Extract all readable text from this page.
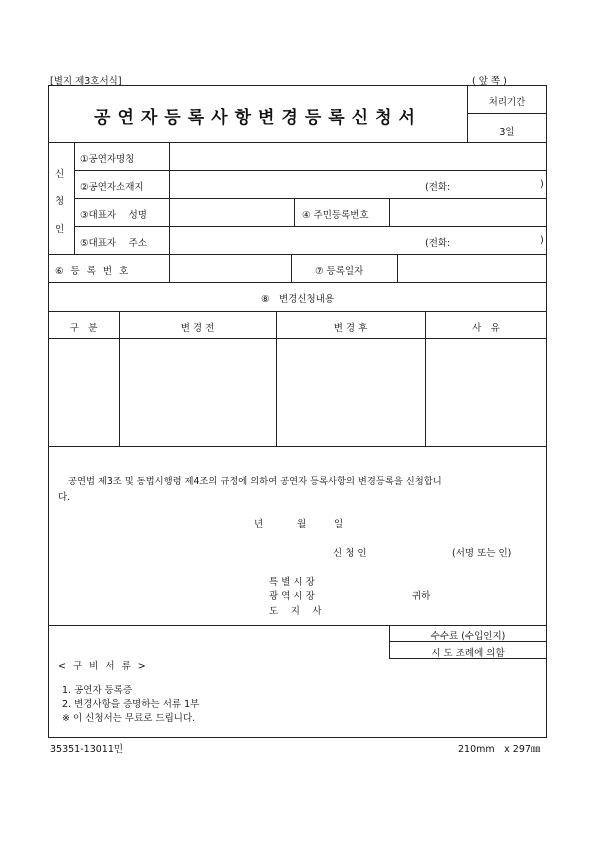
[별지 제3호서식]	( 앞 쪽 )
공연자등록사항변경등록신청서
처리기간
3일
신
청
인
①공연자명칭
②공연자소재지	(전화:	)
③대표자　 성명	④ 주민등록번호
⑤대표자　 주소	(전화:	)
⑥ 등 록 번 호	⑦ 등록일자
⑧　변경신청내용
구　분	변 경 전	변 경 후	사　유
공연법 제3조 및 동법시행령 제4조의 규정에 의하여 공연자 등록사항의 변경등록을 신청합니
다.
년	월	일
신 청 인	(서명 또는 인)
특 별 시 장
광 역 시 장
도　 지　 사
귀하
수수료 (수입인지)
시 도 조례에 의함
< 구 비 서 류 >
1. 공연자 등록증
2. 변경사항을 증명하는 서류 1부
※ 이 신청서는 무료로 드립니다.
35351-13011민	210mm　x 297㎜
